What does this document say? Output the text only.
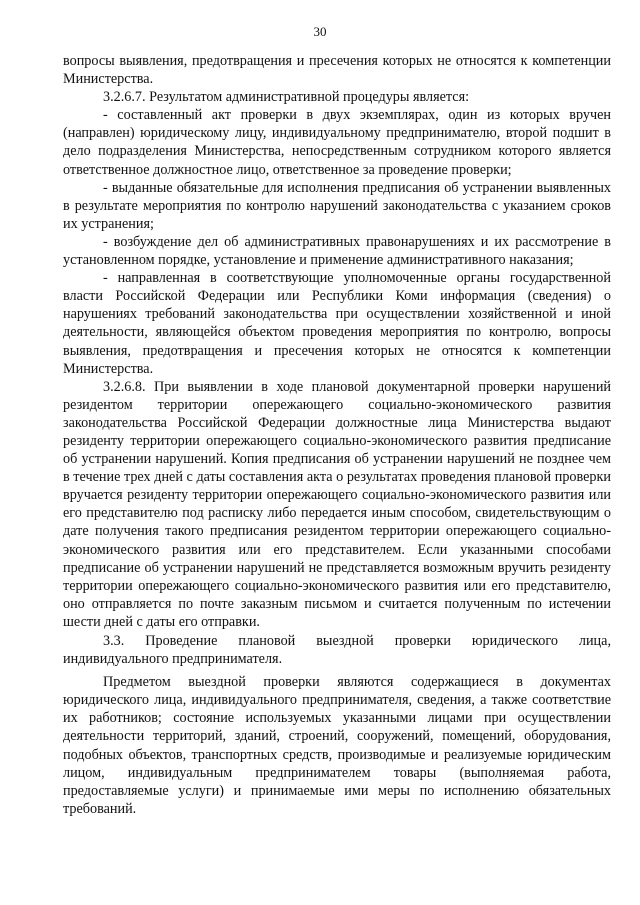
30

вопросы выявления, предотвращения и пресечения которых не относятся к компетенции Министерства.

3.2.6.7. Результатом административной процедуры является:

- составленный акт проверки в двух экземплярах, один из которых вручен (направлен) юридическому лицу, индивидуальному предпринимателю, второй подшит в дело подразделения Министерства, непосредственным сотрудником которого является ответственное должностное лицо, ответственное за проведение проверки;

- выданные обязательные для исполнения предписания об устранении выявленных в результате мероприятия по контролю нарушений законодательства с указанием сроков их устранения;

- возбуждение дел об административных правонарушениях и их рассмотрение в установленном порядке, установление и применение административного наказания;

- направленная в соответствующие уполномоченные органы государственной власти Российской Федерации или Республики Коми информация (сведения) о нарушениях требований законодательства при осуществлении хозяйственной и иной деятельности, являющейся объектом проведения мероприятия по контролю, вопросы выявления, предотвращения и пресечения которых не относятся к компетенции Министерства.

3.2.6.8. При выявлении в ходе плановой документарной проверки нарушений резидентом территории опережающего социально-экономического развития законодательства Российской Федерации должностные лица Министерства выдают резиденту территории опережающего социально-экономического развития предписание об устранении нарушений. Копия предписания об устранении нарушений не позднее чем в течение трех дней с даты составления акта о результатах проведения плановой проверки вручается резиденту территории опережающего социально-экономического развития или его представителю под расписку либо передается иным способом, свидетельствующим о дате получения такого предписания резидентом территории опережающего социально-экономического развития или его представителем. Если указанными способами предписание об устранении нарушений не представляется возможным вручить резиденту территории опережающего социально-экономического развития или его представителю, оно отправляется по почте заказным письмом и считается полученным по истечении шести дней с даты его отправки.

3.3. Проведение плановой выездной проверки юридического лица, индивидуального предпринимателя.

Предметом выездной проверки являются содержащиеся в документах юридического лица, индивидуального предпринимателя, сведения, а также соответствие их работников; состояние используемых указанными лицами при осуществлении деятельности территорий, зданий, строений, сооружений, помещений, оборудования, подобных объектов, транспортных средств, производимые и реализуемые юридическим лицом, индивидуальным предпринимателем товары (выполняемая работа, предоставляемые услуги) и принимаемые ими меры по исполнению обязательных требований.
